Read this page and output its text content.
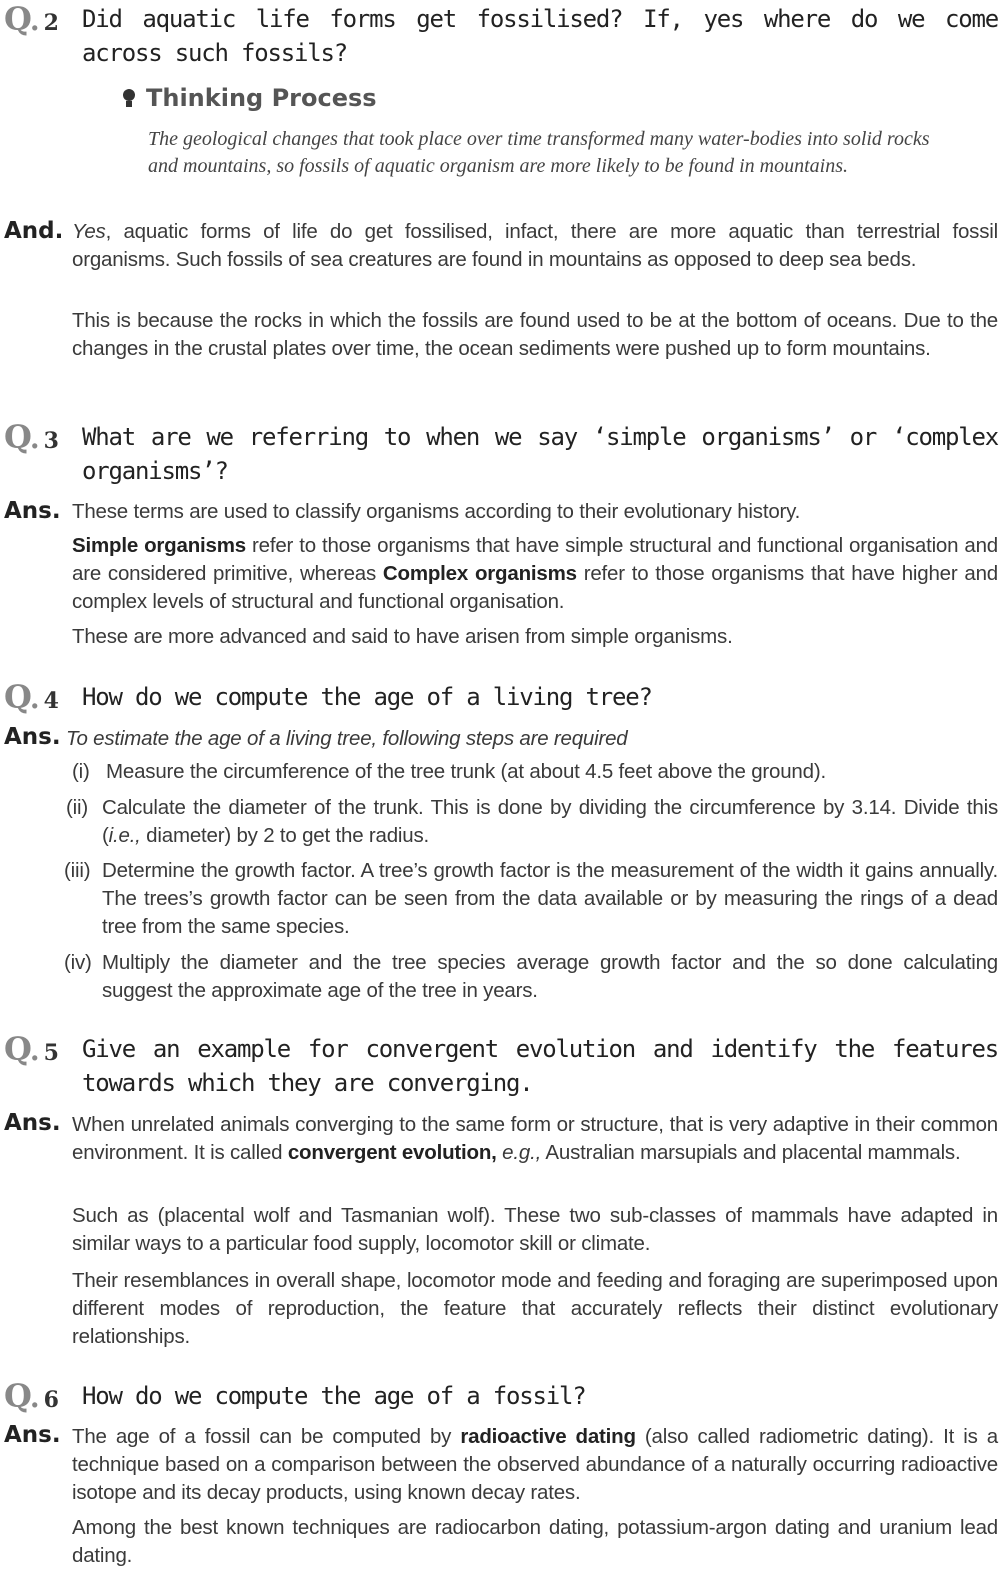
Q. 2 Did aquatic life forms get fossilised? If, yes where do we come across such fossils?
Thinking Process
The geological changes that took place over time transformed many water-bodies into solid rocks and mountains, so fossils of aquatic organism are more likely to be found in mountains.
And. Yes, aquatic forms of life do get fossilised, infact, there are more aquatic than terrestrial fossil organisms. Such fossils of sea creatures are found in mountains as opposed to deep sea beds.
This is because the rocks in which the fossils are found used to be at the bottom of oceans. Due to the changes in the crustal plates over time, the ocean sediments were pushed up to form mountains.
Q. 3 What are we referring to when we say ‘simple organisms’ or ‘complex organisms’?
Ans. These terms are used to classify organisms according to their evolutionary history.
Simple organisms refer to those organisms that have simple structural and functional organisation and are considered primitive, whereas Complex organisms refer to those organisms that have higher and complex levels of structural and functional organisation.
These are more advanced and said to have arisen from simple organisms.
Q. 4 How do we compute the age of a living tree?
Ans. To estimate the age of a living tree, following steps are required
(i) Measure the circumference of the tree trunk (at about 4.5 feet above the ground).
(ii) Calculate the diameter of the trunk. This is done by dividing the circumference by 3.14. Divide this (i.e., diameter) by 2 to get the radius.
(iii) Determine the growth factor. A tree’s growth factor is the measurement of the width it gains annually. The trees’s growth factor can be seen from the data available or by measuring the rings of a dead tree from the same species.
(iv) Multiply the diameter and the tree species average growth factor and the so done calculating suggest the approximate age of the tree in years.
Q. 5 Give an example for convergent evolution and identify the features towards which they are converging.
Ans. When unrelated animals converging to the same form or structure, that is very adaptive in their common environment. It is called convergent evolution, e.g., Australian marsupials and placental mammals.
Such as (placental wolf and Tasmanian wolf). These two sub-classes of mammals have adapted in similar ways to a particular food supply, locomotor skill or climate.
Their resemblances in overall shape, locomotor mode and feeding and foraging are superimposed upon different modes of reproduction, the feature that accurately reflects their distinct evolutionary relationships.
Q. 6 How do we compute the age of a fossil?
Ans. The age of a fossil can be computed by radioactive dating (also called radiometric dating). It is a technique based on a comparison between the observed abundance of a naturally occurring radioactive isotope and its decay products, using known decay rates.
Among the best known techniques are radiocarbon dating, potassium-argon dating and uranium lead dating.
